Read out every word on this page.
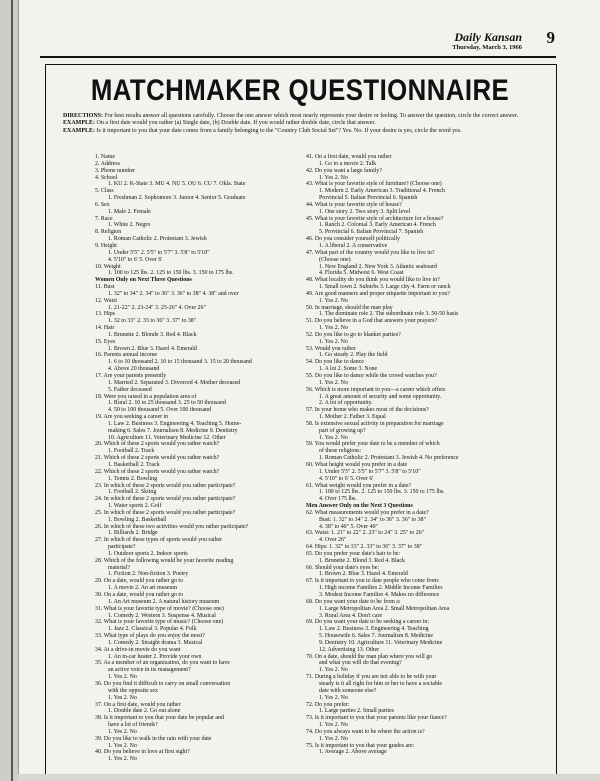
Daily Kansan 9
Thursday, March 3, 1966
MATCHMAKER QUESTIONNAIRE
DIRECTIONS: For best results answer all questions carefully. Choose the one answer which most nearly represents your desire or feeling. To answer the question, circle the correct answer.
EXAMPLE: On a first date would you rather (a) Single date, (b) Double date. If you would rather double date, circle that answer.
EXAMPLE: Is it important to you that your date comes from a family belonging to the "Country Club Social Set"? Yes. No. If your desire is yes, circle the word yes.
1. Name
2. Address
3. Phone number
4. School
1. KU 2. K-State 3. MU 4. NU 5. OU 6. CU 7. Okla. State
5. Class
1. Freshman 2. Sophomore 3. Junior 4. Senior 5. Graduate
6. Sex
1. Male 2. Female
7. Race
1. White 2. Negro
8. Religion
1. Roman Catholic 2. Protestant 3. Jewish
9. Height
1. Under 5'5" 2. 5'5" to 5'7" 3. 5'8" to 5'10"
4. 5'10" to 6' 5. Over 6'
10. Weight
1. 100 to 125 lbs. 2. 125 to 150 lbs. 3. 150 to 175 lbs.
Women Only on Next Three Questions
11. Bust
1. 32" to 34" 2. 34" to 36" 3. 36" to 38" 4. 38" and over
12. Waist
1. 21-22" 2. 23-24" 3. 25-26" 4. Over 26"
13. Hips
1. 32 to 33" 2. 33 to 36" 3. 37" to 38"
14. Hair
1. Brunette 2. Blonde 3. Red 4. Black
15. Eyes
1. Brown 2. Blue 3. Hazel 4. Emerald
16. Parents annual income
1. 6 to 10 thousand 2. 10 to 15 thousand 3. 15 to 20 thousand
4. Above 20 thousand
17. Are your parents presently
1. Married 2. Separated 3. Divorced 4. Mother deceased
5. Father deceased
18. Were you raised in a population area of
1. Rural 2. 10 to 25 thousand 3. 25 to 50 thousand
4. 50 to 100 thousand 5. Over 100 thousand
19. Are you seeking a career in
1. Law 2. Business 3. Engineering 4. Teaching 5. Home-
making 6. Sales 7. Journalism 8. Medicine 9. Dentistry
10. Agriculture 11. Veterinary Medicine 12. Other
20. Which of these 2 sports would you rather watch?
1. Football 2. Track
21. Which of these 2 sports would you rather watch?
1. Basketball 2. Track
22. Which of these 2 sports would you rather watch?
1. Tennis 2. Bowling
23. In which of these 2 sports would you rather participate?
1. Football 2. Skiing
24. In which of these 2 sports would you rather participate?
1. Water sports 2. Golf
25. In which of these 2 sports would you rather participate?
1. Bowling 2. Basketball
26. In which of these two activities would you rather participate?
1. Billiards 2. Bridge
27. In which of these types of sports would you rather
participate?
1. Outdoor sports 2. Indoor sports
28. Which of the following would be your favorite reading
material?
1. Fiction 2. Non-fiction 3. Poetry
29. On a date, would you rather go to
1. A movie 2. An art museum
30. On a date, would you rather go to
1. An Art museum 2. A natural history museum
31. What is your favorite type of movie? (Choose one)
1. Comedy 2. Western 3. Suspense 4. Musical
32. What is your favorite type of music? (Choose one)
1. Jazz 2. Classical 3. Popular 4. Folk
33. What type of plays do you enjoy the most?
1. Comedy 2. Straight drama 3. Musical
34. At a drive-in movie do you want
1. An in-car heater 2. Provide your own
35. As a member of an organization, do you want to have
an active voice in its management?
1. Yes 2. No
36. Do you find it difficult to carry on small conversation
with the opposite sex
1. Yes 2. No
37. On a first date, would you rather
1. Double date 2. Go out alone
38. Is it important to you that your date be popular and
have a lot of friends?
1. Yes 2. No
39. Do you like to walk in the rain with your date
1. Yes 2. No
40. Do you believe in love at first sight?
1. Yes 2. No
41. On a first date, would you rather
1. Go to a movie 2. Talk
42. Do you want a large family?
1. Yes 2. No
43. What is your favorite style of furniture? (Choose one)
1. Modern 2. Early American 3. Traditional 4. French
Provincial 5. Italian Provincial 6. Spanish
44. What is your favorite style of house?
1. One story 2. Two story 3. Split level
45. What is your favorite style of architecture for a house?
1. Ranch 2. Colonial 3. Early American 4. French
5. Provincial 6. Italian Provincial 7. Spanish
46. Do you consider yourself politically
1. A liberal 2. A conservative
47. What part of the country would you like to live in?
(Choose one)
1. New England 2. New York 3. Atlantic seaboard
4. Florida 5. Midwest 6. West Coast
48. What locality do you think you would like to live in?
1. Small town 2. Suburbs 3. Large city 4. Farm or ranch
49. Are good manners and proper etiquette important to you?
1. Yes 2. No
50. In marriage, should the man play
1. The dominate role 2. The subordinate role 3. 50-50 basis
51. Do you believe in a God that answers your prayers?
1. Yes 2. No
52. Do you like to go to blanket parties?
1. Yes 2. No
53. Would you rather
1. Go steady 2. Play the field
54. Do you like to dance
1. A lot 2. Some 3. None
55. Do you like to dance while the crowd watches you?
1. Yes 2. No
56. Which is more important to you—a career which offers
1. A great amount of security and some opportunity.
2. A lot of opportunity.
57. In your home who makes most of the decisions?
1. Mother 2. Father 3. Equal
58. Is extensive sexual activity in preparation for marriage
part of growing up?
1. Yes 2. No
59. You would prefer your date to be a member of which
of these religions:
1. Roman Catholic 2. Protestant 3. Jewish 4. No preference
60. What height would you prefer in a date
1. Under 5'5" 2. 5'5" to 5'7" 3. 5'8" to 5'10"
4. 5'10" to 6' 5. Over 6'
61. What weight would you prefer in a date?
1. 100 to 125 lbs. 2. 125 to 150 lbs. 3. 150 to 175 lbs.
4. Over 175 lbs.
Men Answer Only on the Next 3 Questions
62. What measurements would you prefer in a date?
Bust: 1. 32" to 34" 2. 34" to 36" 3. 36" to 38"
4. 38" to 40" 5. Over 40"
63. Waist: 1. 21" to 22" 2. 23" to 24" 3. 25" to 26"
4. Over 26"
64. Hips: 1. 32" to 33" 2. 33" to 36" 3. 37" to 38"
65. Do you prefer your date's hair to be:
1. Brunette 2. Blond 3. Red 4. Black
66. Should your date's eyes be:
1. Brown 2. Blue 3. Hazel 4. Emerald
67. Is it important to you to date people who come from:
1. High income Families 2. Middle Income Families
3. Modest Income Families 4. Makes no difference
68. Do you want your date to be from a:
1. Large Metropolitan Area 2. Small Metropolitan Area
3. Rural Area 4. Don't care
69. Do you want your date to be seeking a career in:
1. Law 2. Business 3. Engineering 4. Teaching
5. Housewife 6. Sales 7. Journalism 8. Medicine
9. Dentistry 10. Agriculture 11. Veterinary Medicine
12. Advertising 13. Other
70. On a date, should the man plan where you will go
and what you will do that evening?
1. Yes 2. No
71. During a holiday if you are not able to be with your
steady is it all right for him or her to have a sociable
date with someone else?
1. Yes 2. No
72. Do you prefer:
1. Large parties 2. Small parties
73. Is it important to you that your parents like your fiance?
1. Yes 2. No
74. Do you always want to be where the action is?
1. Yes 2. No
75. Is it important to you that your grades are:
1. Average 2. Above average
